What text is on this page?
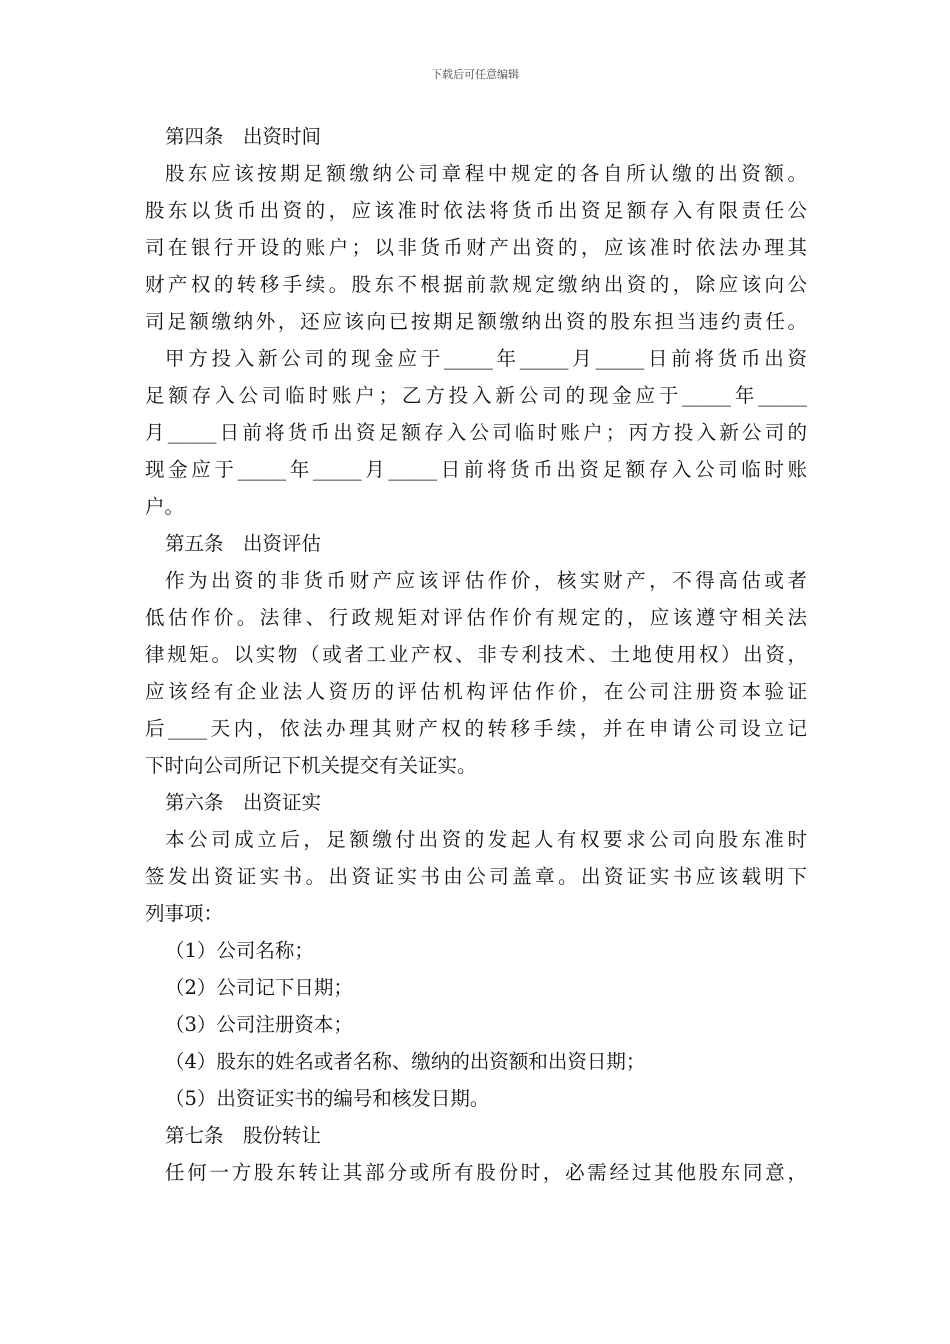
下载后可任意编辑
第四条　出资时间
股东应该按期足额缴纳公司章程中规定的各自所认缴的出资额。
股东以货币出资的，应该准时依法将货币出资足额存入有限责任公
司在银行开设的账户；以非货币财产出资的，应该准时依法办理其
财产权的转移手续。股东不根据前款规定缴纳出资的，除应该向公
司足额缴纳外，还应该向已按期足额缴纳出资的股东担当违约责任。
甲方投入新公司的现金应于_____年_____月_____日前将货币出资
足额存入公司临时账户；乙方投入新公司的现金应于_____年_____
月_____日前将货币出资足额存入公司临时账户；丙方投入新公司的
现金应于_____年_____月_____日前将货币出资足额存入公司临时账
户。
第五条　出资评估
作为出资的非货币财产应该评估作价，核实财产，不得高估或者
低估作价。法律、行政规矩对评估作价有规定的，应该遵守相关法
律规矩。以实物（或者工业产权、非专利技术、土地使用权）出资，
应该经有企业法人资历的评估机构评估作价，在公司注册资本验证
后____天内，依法办理其财产权的转移手续，并在申请公司设立记
下时向公司所记下机关提交有关证实。
第六条　出资证实
本公司成立后，足额缴付出资的发起人有权要求公司向股东准时
签发出资证实书。出资证实书由公司盖章。出资证实书应该载明下
列事项：
（1）公司名称；
（2）公司记下日期；
（3）公司注册资本；
（4）股东的姓名或者名称、缴纳的出资额和出资日期；
（5）出资证实书的编号和核发日期。
第七条　股份转让
任何一方股东转让其部分或所有股份时，必需经过其他股东同意，
